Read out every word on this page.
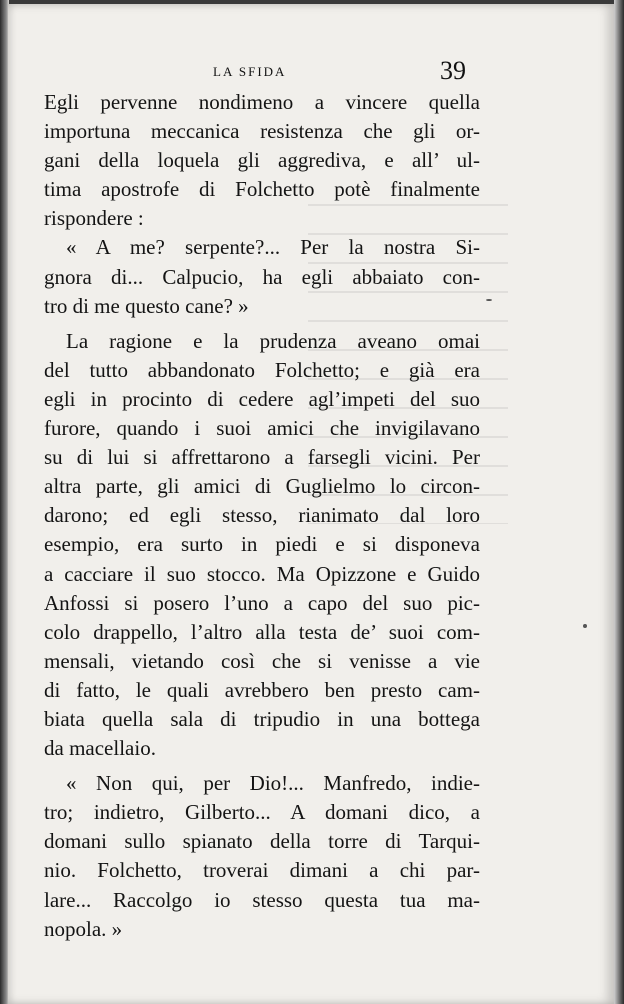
LA SFIDA	39
Egli pervenne nondimeno a vincere quella
importuna meccanica resistenza che gli or-
gani della loquela gli aggrediva, e all’ ul-
tima apostrofe di Folchetto potè finalmente
rispondere :
« A me? serpente?... Per la nostra Si-
gnora di... Calpucio, ha egli abbaiato con-
tro di me questo cane? »
La ragione e la prudenza aveano omai
del tutto abbandonato Folchetto; e già era
egli in procinto di cedere agl’impeti del suo
furore, quando i suoi amici che invigilavano
su di lui si affrettarono a farsegli vicini. Per
altra parte, gli amici di Guglielmo lo circon-
darono; ed egli stesso, rianimato dal loro
esempio, era surto in piedi e si disponeva
a cacciare il suo stocco. Ma Opizzone e Guido
Anfossi si posero l’uno a capo del suo pic-
colo drappello, l’altro alla testa de’ suoi com-
mensali, vietando così che si venisse a vie
di fatto, le quali avrebbero ben presto cam-
biata quella sala di tripudio in una bottega
da macellaio.
« Non qui, per Dio!... Manfredo, indie-
tro; indietro, Gilberto... A domani dico, a
domani sullo spianato della torre di Tarqui-
nio. Folchetto, troverai dimani a chi par-
lare... Raccolgo io stesso questa tua ma-
nopola. »
